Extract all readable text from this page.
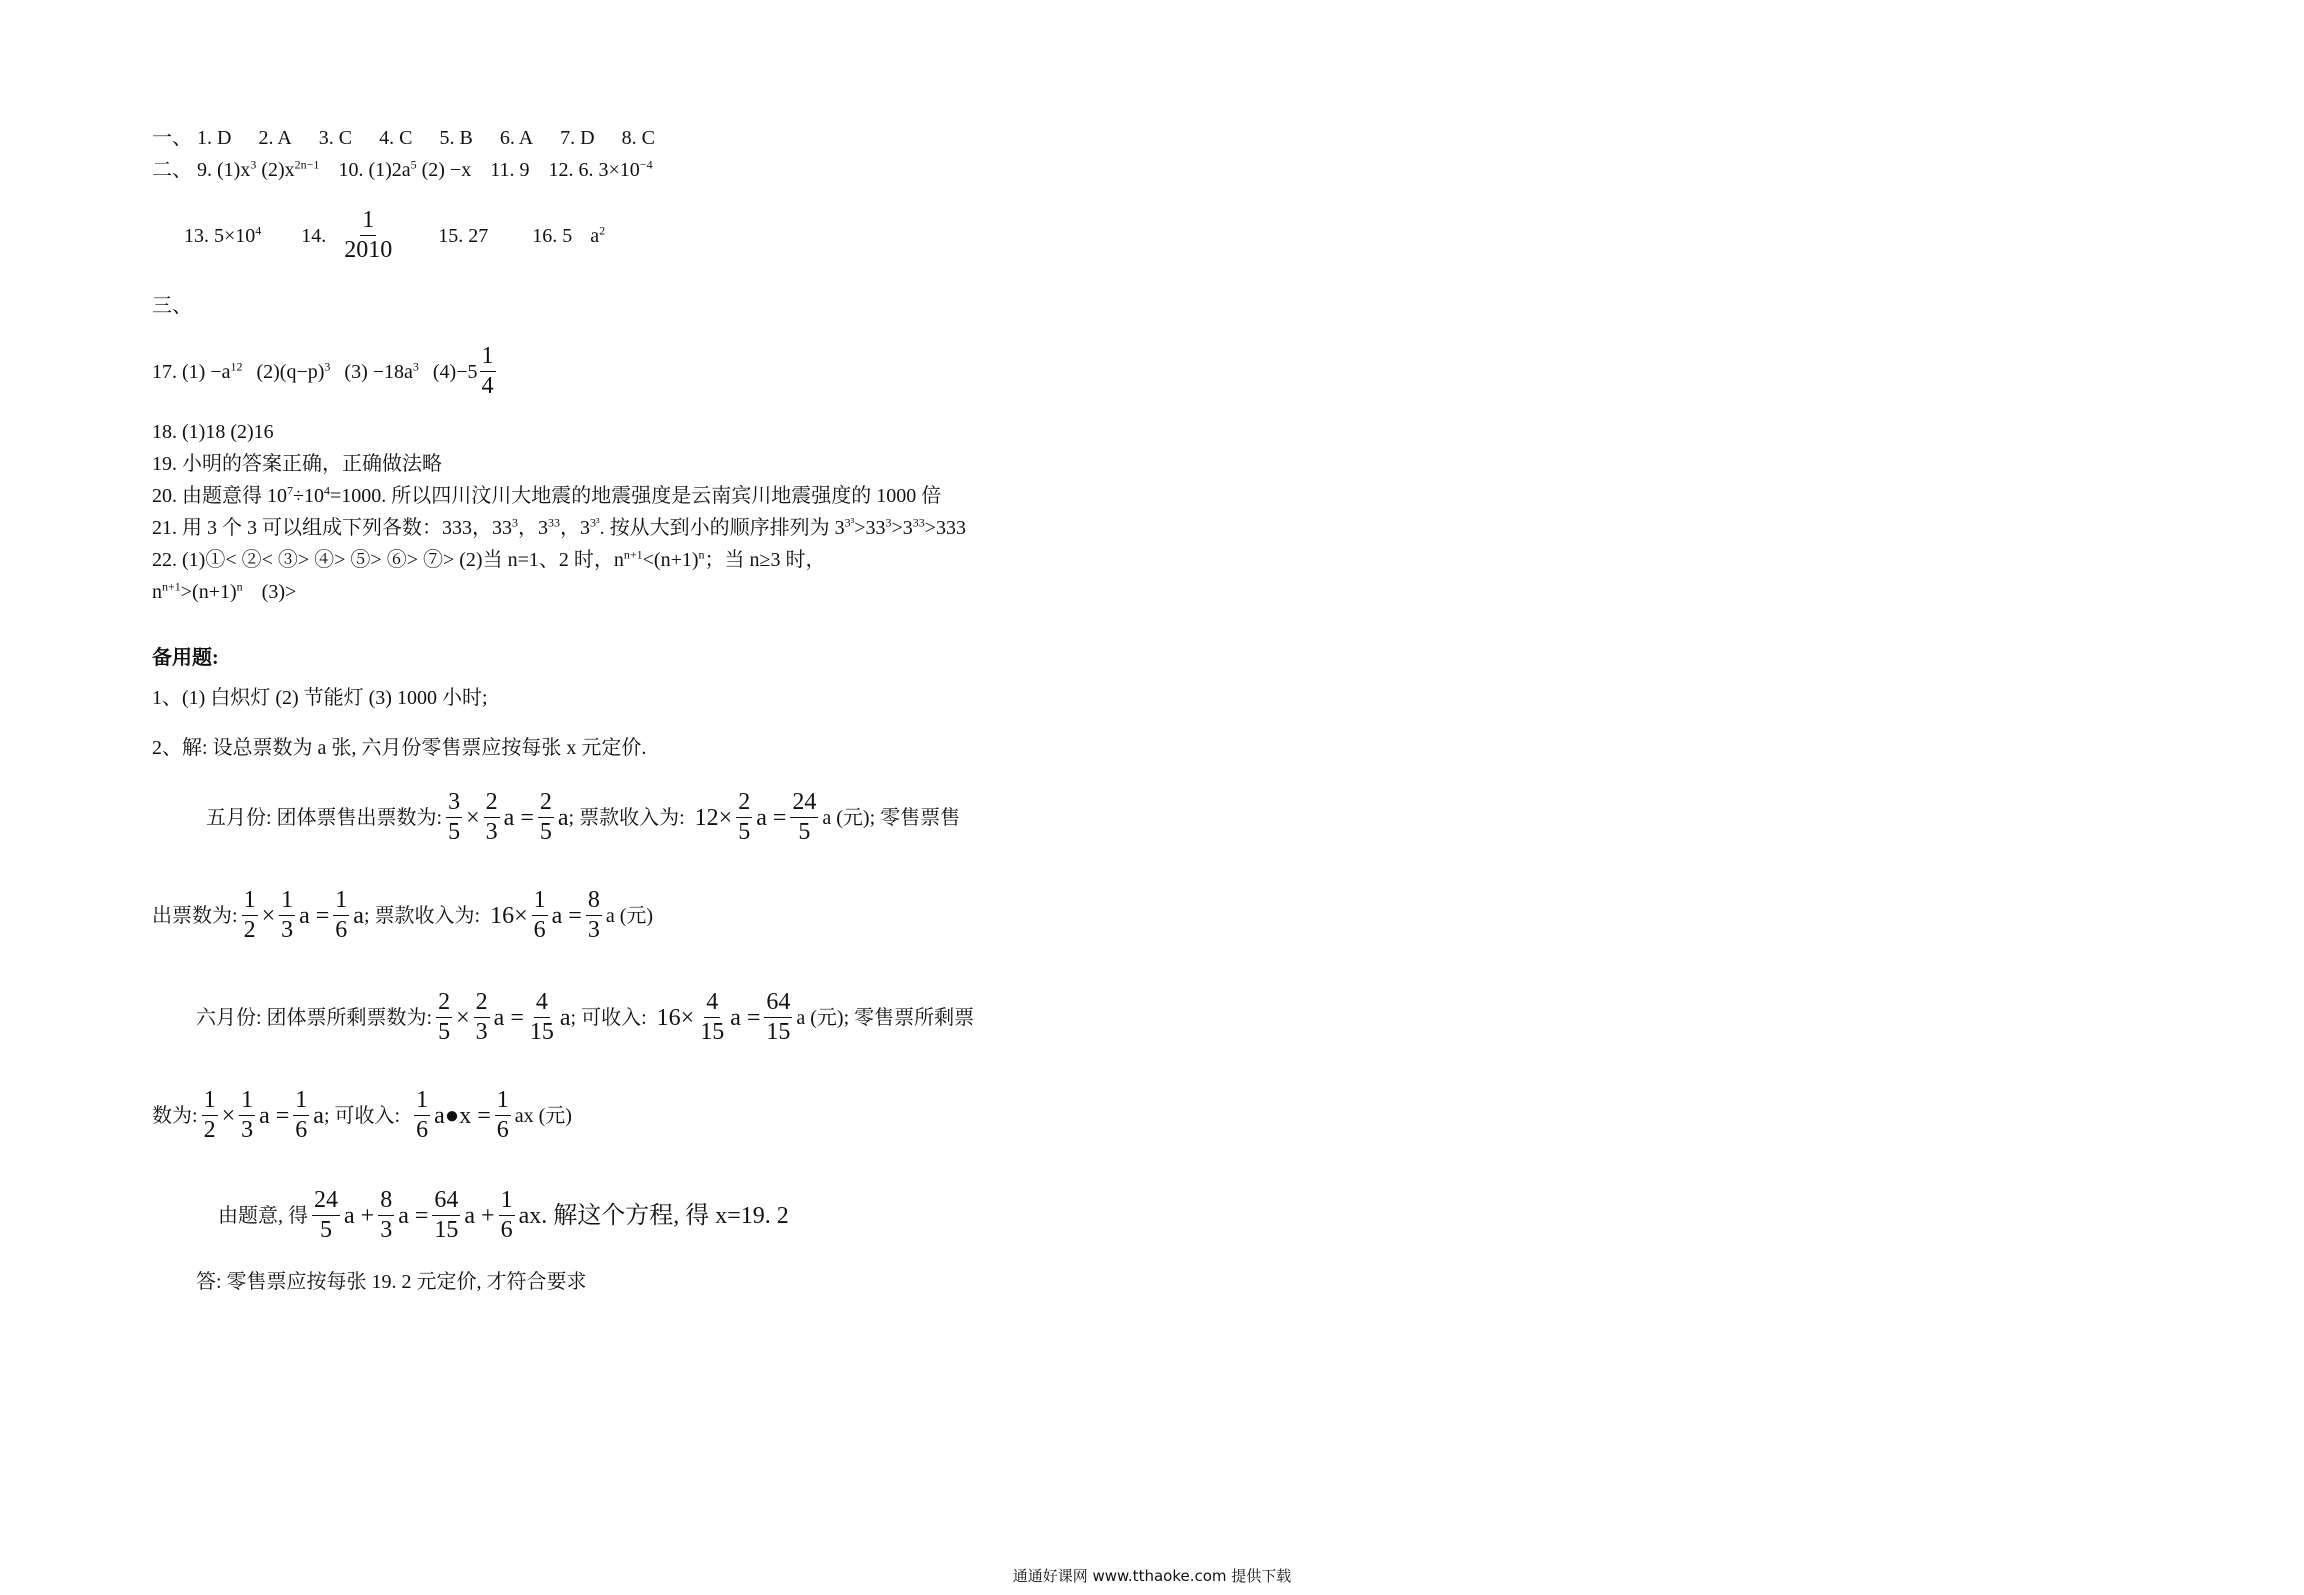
一、 1. D 2. A 3. C 4. C 5. B 6. A 7. D 8. C
二、 9. $(1)x^3$ $(2)x^{2n-1}$ 10. $(1)2a^5$ (2) −x 11. 9 12. 6. $3\times 10^{-4}$
13. $5\times 10^4$ 14. $\frac{1}{2010} 15$. 27 16. 5 $a^2$
三、
17. $(1) -a^{12}$ $(2)(q-p)^3$ $(3) -18a^3$ $(4)-5 \frac{1}{4}$
18. (1)18 (2)16
19. 小明的答案正确，正确做法略
20. 由题意得 $10^7\div 10^4=1000$. 所以四川汶川大地震的地震强度是云南宾川地震强度的 1000 倍
21. 用 3 个 3 可以组成下列各数：333，$33^3$，$3^{33}$，$3^{3^3}$. 按从大到小的顺序排列为 $3^{3^3}>33^3>3^{33}>333$
22. (1)①< ②< ③> ④> ⑤> ⑥> ⑦> (2)当 n=1、2 时，$n^{n+1}<(n+1)^n$；当 n≥3 时，
$n^{n+1}>(n+1)^n$ (3)>
备用题:
1、(1) 白炽灯 (2) 节能灯 (3) 1000 小时;
2、解: 设总票数为 a 张, 六月份零售票应按每张 x 元定价.
五月份: 团体票售出票数为: $\frac{3}{5} \times \frac{2}{3}$ $a = \frac{2}{5}$ a ; 票款收入为: $12\times \frac{2}{5}$ $a = \frac{24}{5}$ a (元); 零售票售
出票数为: $\frac{1}{2} \times \frac{1}{3}$ $a = \frac{1}{6}$ a ; 票款收入为: $16\times \frac{1}{6}$ $a = \frac{8}{3}$ a (元)
六月份: 团体票所剩票数为: $\frac{2}{5} \times \frac{2}{3}$ $a = \frac{4}{15}$ a ; 可收入: $16\times \frac{4}{15}$ $a = \frac{64}{15}$ a (元); 零售票所剩票
数为: $\frac{1}{2} \times \frac{1}{3}$ $a = \frac{1}{6}$ a ; 可收入: $\frac{1}{6}$ a●x = $\frac{1}{6}$ ax (元)
由题意, 得 $\frac{24}{5}$ $a + \frac{8}{3}$ $a = \frac{64}{15}$ $a + \frac{1}{6}$ ax. 解这个方程, 得 x=19. 2
答: 零售票应按每张 19. 2 元定价, 才符合要求
通通好课网 www.tthaoke.com 提供下载
